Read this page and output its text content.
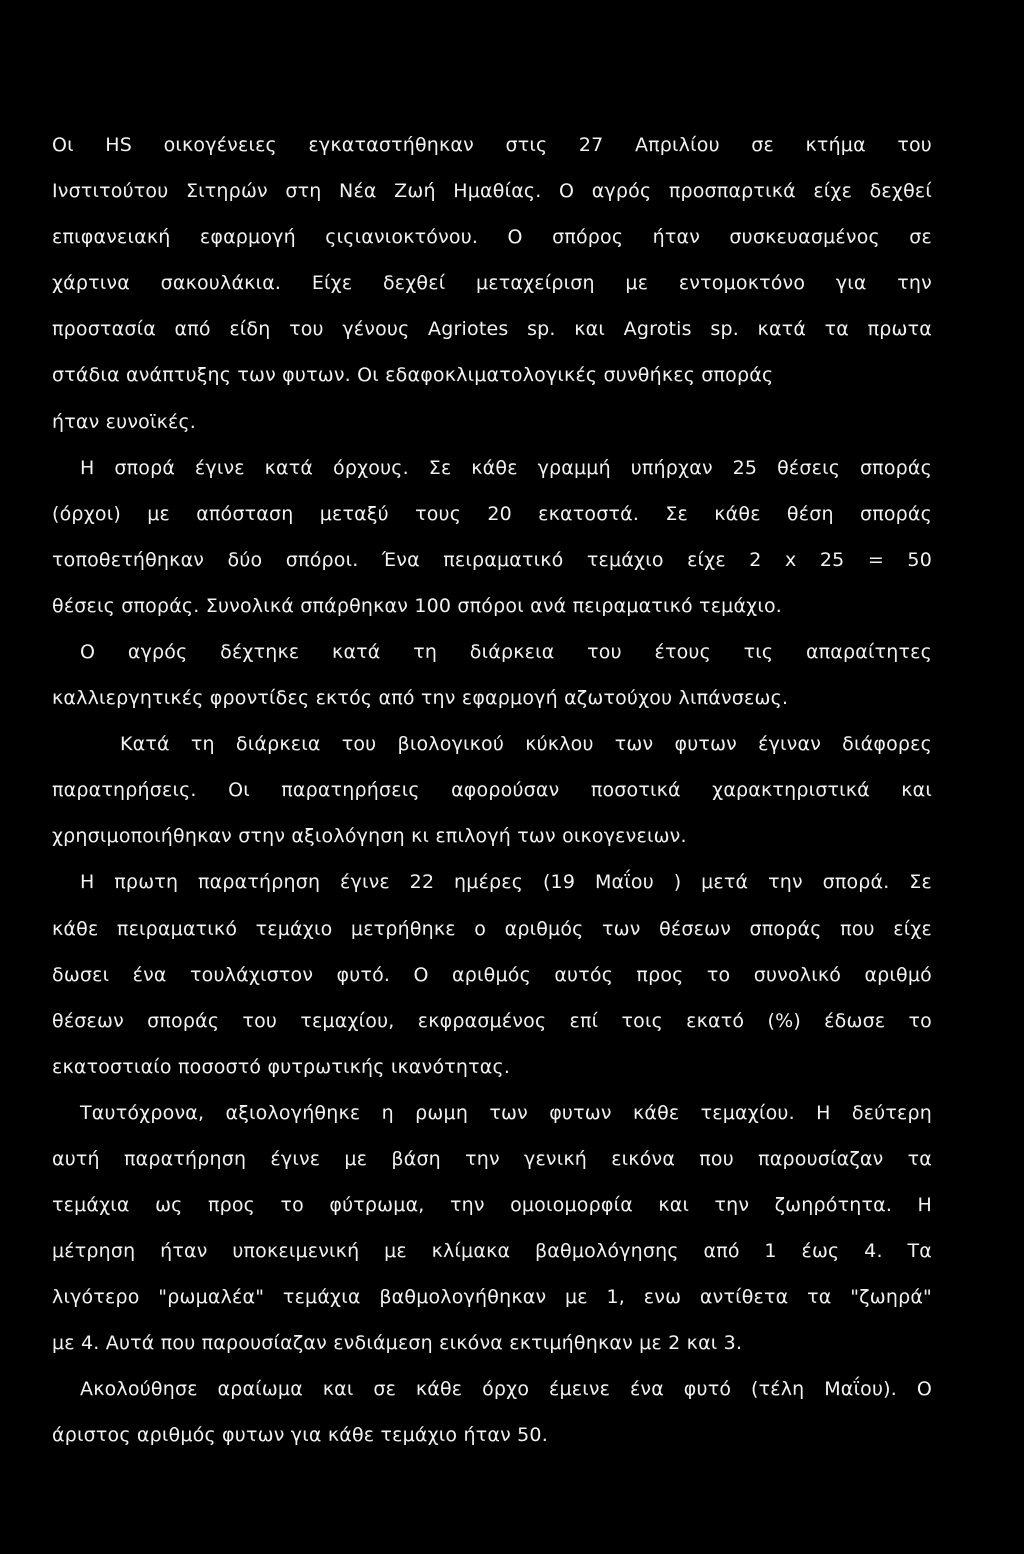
Οι HS οικογένειες εγκαταστήθηκαν στις 27 Απριλίου σε κτήμα του
Ινστιτούτου Σιτηρών στη Νέα Ζωή Ημαθίας. Ο αγρός προσπαρτικά είχε δεχθεί
επιφανειακή εφαρμογή ςιςιανιοκτόνου. Ο σπόρος ήταν συσκευασμένος σε
χάρτινα σακουλάκια. Είχε δεχθεί μεταχείριση με εντομοκτόνο για την
προστασία από είδη του γένους Agriotes sp. και Agrotis sp. κατά τα πρωτα
στάδια ανάπτυξης των φυτων. Οι εδαφοκλιματολογικές συνθήκες σποράς
ήταν ευνοϊκές.
Η σπορά έγινε κατά όρχους. Σε κάθε γραμμή υπήρχαν 25 θέσεις σποράς
(όρχοι) με απόσταση μεταξύ τους 20 εκατοστά. Σε κάθε θέση σποράς
τοποθετήθηκαν δύο σπόροι. Ένα πειραματικό τεμάχιο είχε 2 x 25 = 50
θέσεις σποράς. Συνολικά σπάρθηκαν 100 σπόροι ανά πειραματικό τεμάχιο.
Ο αγρός δέχτηκε κατά τη διάρκεια του έτους τις απαραίτητες
καλλιεργητικές φροντίδες εκτός από την εφαρμογή αζωτούχου λιπάνσεως.
Κατά τη διάρκεια του βιολογικού κύκλου των φυτων έγιναν διάφορες
παρατηρήσεις. Οι παρατηρήσεις αφορούσαν ποσοτικά χαρακτηριστικά και
χρησιμοποιήθηκαν στην αξιολόγηση κι επιλογή των οικογενειων.
Η πρωτη παρατήρηση έγινε 22 ημέρες (19 Μαΐου ) μετά την σπορά. Σε
κάθε πειραματικό τεμάχιο μετρήθηκε ο αριθμός των θέσεων σποράς που είχε
δωσει ένα τουλάχιστον φυτό. Ο αριθμός αυτός προς το συνολικό αριθμό
θέσεων σποράς του τεμαχίου, εκφρασμένος επί τοις εκατό (%) έδωσε το
εκατοστιαίο ποσοστό φυτρωτικής ικανότητας.
Ταυτόχρονα, αξιολογήθηκε η ρωμη των φυτων κάθε τεμαχίου. Η δεύτερη
αυτή παρατήρηση έγινε με βάση την γενική εικόνα που παρουσίαζαν τα
τεμάχια ως προς το φύτρωμα, την ομοιομορφία και την ζωηρότητα. Η
μέτρηση ήταν υποκειμενική με κλίμακα βαθμολόγησης από 1 έως 4. Τα
λιγότερο "ρωμαλέα" τεμάχια βαθμολογήθηκαν με 1, ενω αντίθετα τα "ζωηρά"
με 4. Αυτά που παρουσίαζαν ενδιάμεση εικόνα εκτιμήθηκαν με 2 και 3.
Ακολούθησε αραίωμα και σε κάθε όρχο έμεινε ένα φυτό (τέλη Μαΐου). Ο
άριστος αριθμός φυτων για κάθε τεμάχιο ήταν 50.
